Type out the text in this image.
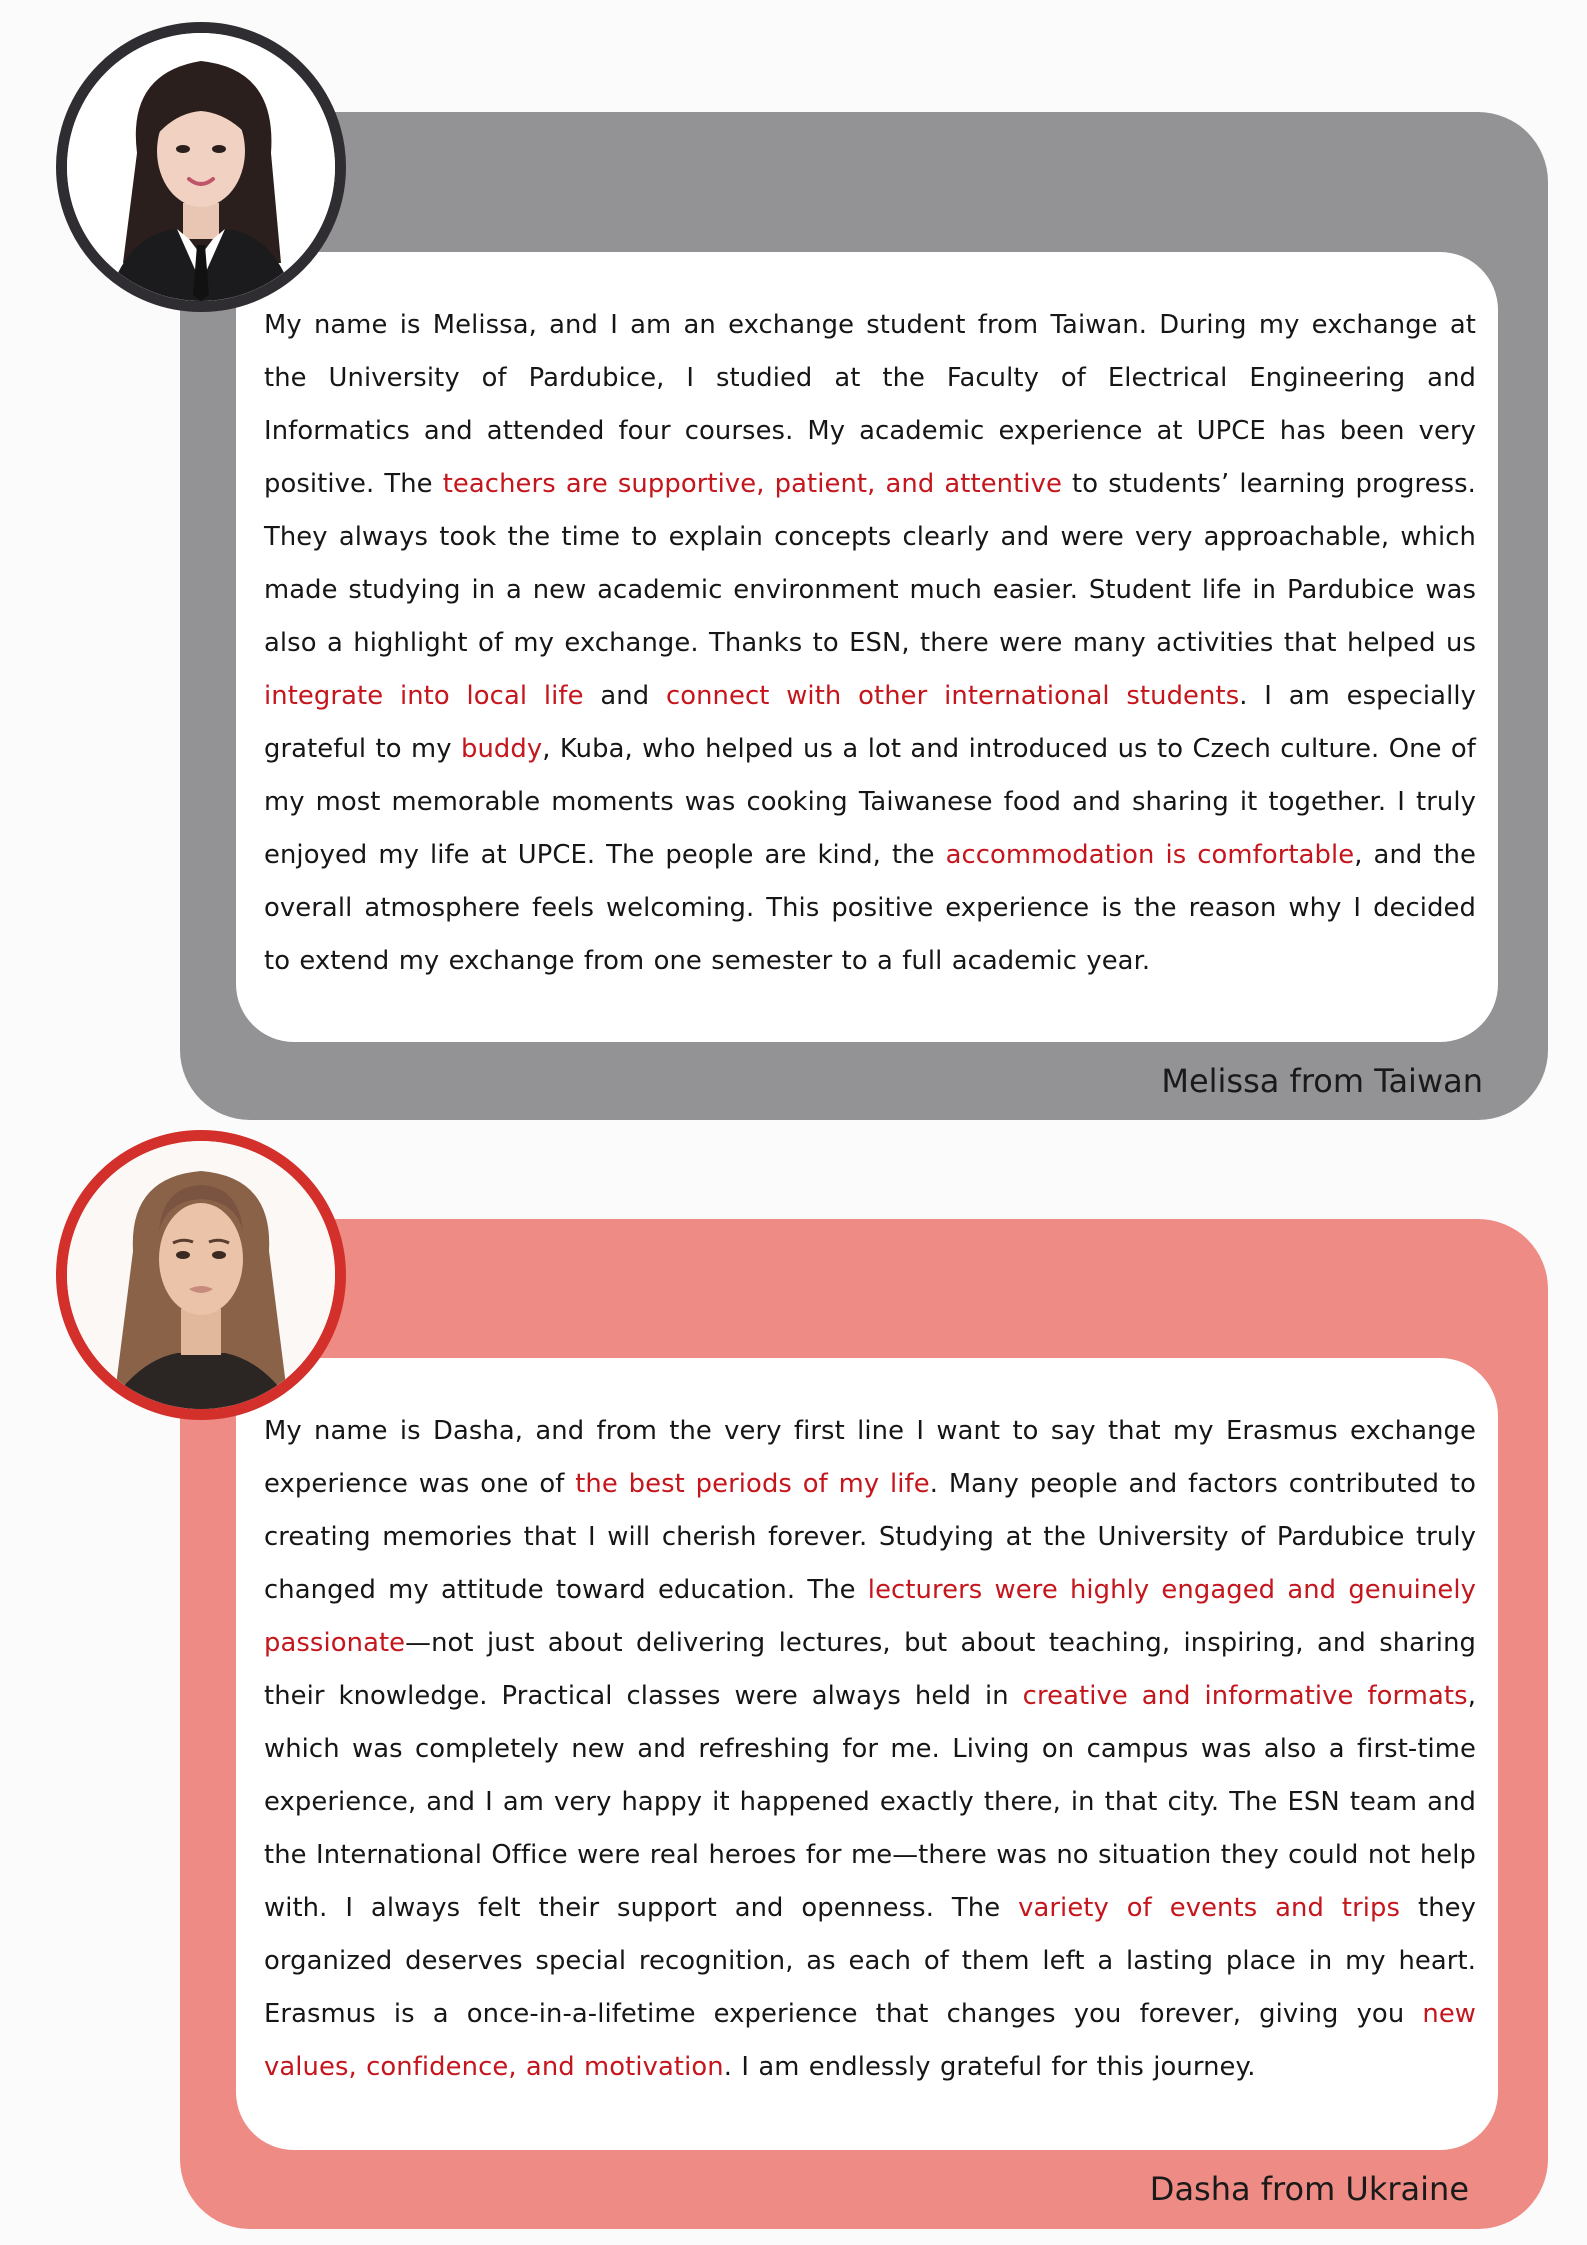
My name is Melissa, and I am an exchange student from Taiwan. During my exchange at the University of Pardubice, I studied at the Faculty of Electrical Engineering and Informatics and attended four courses. My academic experience at UPCE has been very positive. The teachers are supportive, patient, and attentive to students’ learning progress. They always took the time to explain concepts clearly and were very approachable, which made studying in a new academic environment much easier. Student life in Pardubice was also a highlight of my exchange. Thanks to ESN, there were many activities that helped us integrate into local life and connect with other international students. I am especially grateful to my buddy, Kuba, who helped us a lot and introduced us to Czech culture. One of my most memorable moments was cooking Taiwanese food and sharing it together. I truly enjoyed my life at UPCE. The people are kind, the accommodation is comfortable, and the overall atmosphere feels welcoming. This positive experience is the reason why I decided to extend my exchange from one semester to a full academic year.

Melissa from Taiwan

My name is Dasha, and from the very first line I want to say that my Erasmus exchange experience was one of the best periods of my life. Many people and factors contributed to creating memories that I will cherish forever. Studying at the University of Pardubice truly changed my attitude toward education. The lecturers were highly engaged and genuinely passionate—not just about delivering lectures, but about teaching, inspiring, and sharing their knowledge. Practical classes were always held in creative and informative formats, which was completely new and refreshing for me. Living on campus was also a first-time experience, and I am very happy it happened exactly there, in that city. The ESN team and the International Office were real heroes for me—there was no situation they could not help with. I always felt their support and openness. The variety of events and trips they organized deserves special recognition, as each of them left a lasting place in my heart. Erasmus is a once-in-a-lifetime experience that changes you forever, giving you new values, confidence, and motivation. I am endlessly grateful for this journey.

Dasha from Ukraine
